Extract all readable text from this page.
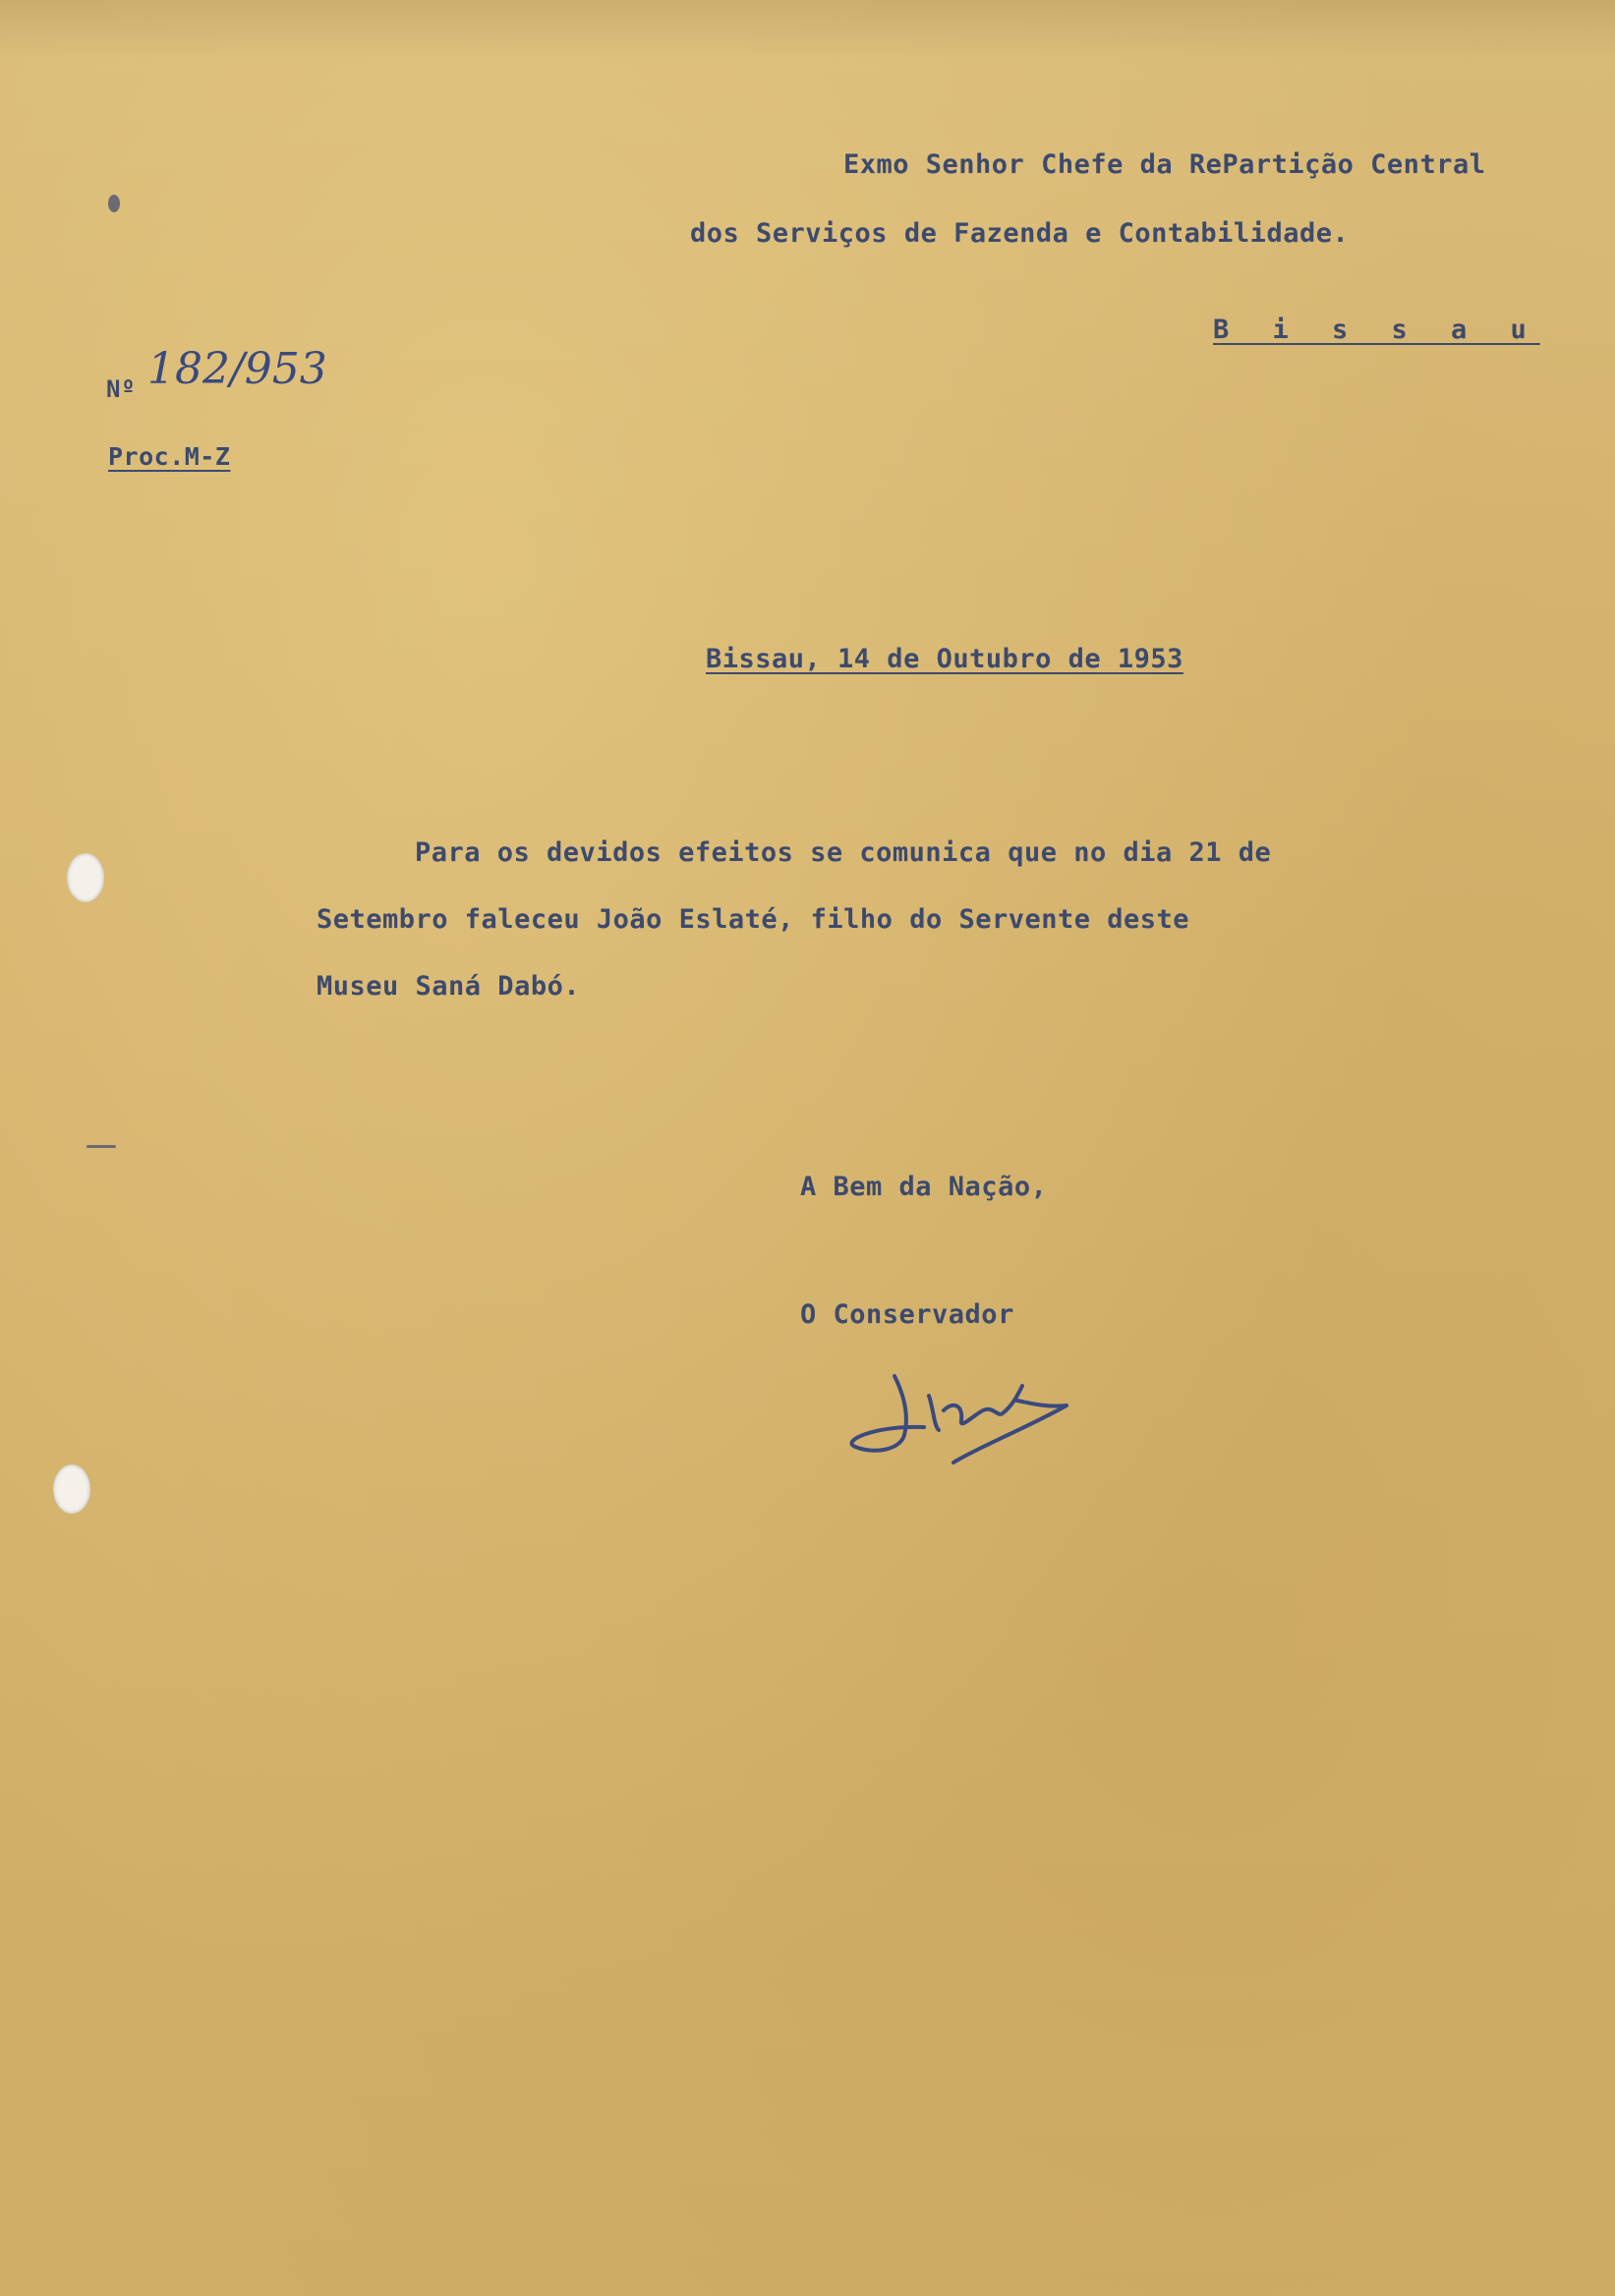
Exmo Senhor Chefe da RePartição Central
dos Serviços de Fazenda e Contabilidade.
B i s s a u
Nº 182/953
Proc.M-Z
Bissau, 14 de Outubro de 1953
Para os devidos efeitos se comunica que no dia 21 de
Setembro faleceu João Eslaté, filho do Servente deste
Museu Saná Dabó.
A Bem da Nação,
O Conservador
